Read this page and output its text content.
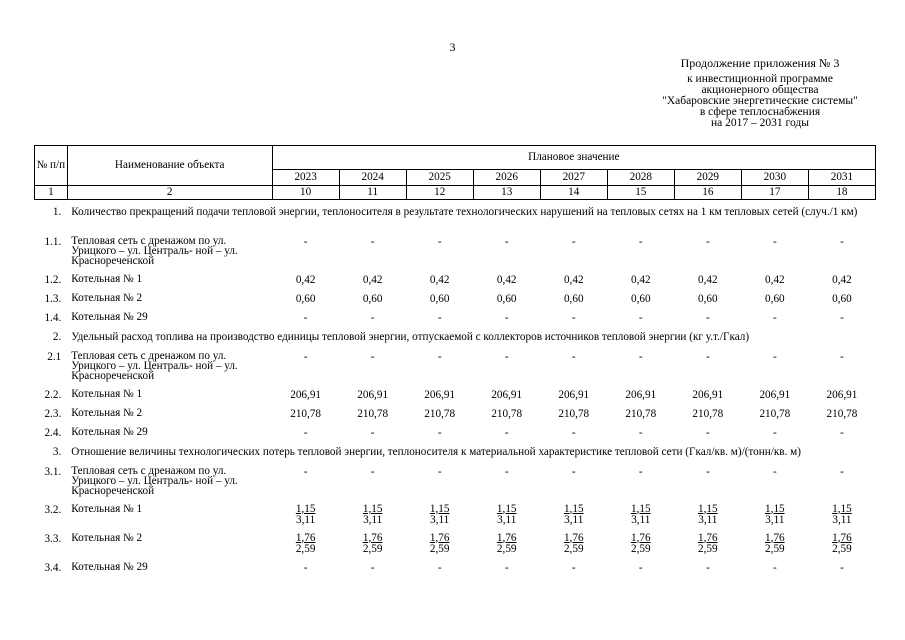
3
Продолжение приложения № 3
к инвестиционной программе
акционерного общества
"Хабаровские энергетические системы"
в сфере теплоснабжения
на 2017 – 2031 годы
№ п/п	Наименование объекта	Плановое значение								
		2023	2024	2025	2026	2027	2028	2029	2030	2031
1	2	10	11	12	13	14	15	16	17	18

1.	Количество прекращений подачи тепловой энергии, теплоносителя в результате технологических нарушений на тепловых сетях на 1 км тепловых сетей (случ./1 км)									
1.1.	Тепловая сеть с дренажом по ул. Урицкого – ул. Централь- ной – ул. Краснореченской	-	-	-	-	-	-	-	-	-
1.2.	Котельная № 1	0,42	0,42	0,42	0,42	0,42	0,42	0,42	0,42	0,42
1.3.	Котельная № 2	0,60	0,60	0,60	0,60	0,60	0,60	0,60	0,60	0,60
1.4.	Котельная № 29	-	-	-	-	-	-	-	-	-
2.	Удельный расход топлива на производство единицы тепловой энергии, отпускаемой с коллекторов источников тепловой энергии (кг у.т./Гкал)									
2.1	Тепловая сеть с дренажом по ул. Урицкого – ул. Централь- ной – ул. Краснореченской	-	-	-	-	-	-	-	-	-
2.2.	Котельная № 1	206,91	206,91	206,91	206,91	206,91	206,91	206,91	206,91	206,91
2.3.	Котельная № 2	210,78	210,78	210,78	210,78	210,78	210,78	210,78	210,78	210,78
2.4.	Котельная № 29	-	-	-	-	-	-	-	-	-
3.	Отношение величины технологических потерь тепловой энергии, теплоносителя к материальной характеристике тепловой сети (Гкал/кв. м)/(тонн/кв. м)									
3.1.	Тепловая сеть с дренажом по ул. Урицкого – ул. Централь- ной – ул. Краснореченской	-	-	-	-	-	-	-	-	-
3.2.	Котельная № 1	$\frac{1,15}{3,11}$	$\frac{1,15}{3,11}$	$\frac{1,15}{3,11}$	$\frac{1,15}{3,11}$	$\frac{1,15}{3,11}$	$\frac{1,15}{3,11}$	$\frac{1,15}{3,11}$	$\frac{1,15}{3,11}$	$\frac{1,15}{3,11}$

3.3.	Котельная № 2	$\frac{1,76}{2,59}$	$\frac{1,76}{2,59}$	$\frac{1,76}{2,59}$	$\frac{1,76}{2,59}$	$\frac{1,76}{2,59}$	$\frac{1,76}{2,59}$	$\frac{1,76}{2,59}$	$\frac{1,76}{2,59}$	$\frac{1,76}{2,59}$

3.4.	Котельная № 29	-	-	-	-	-	-	-	-	-
